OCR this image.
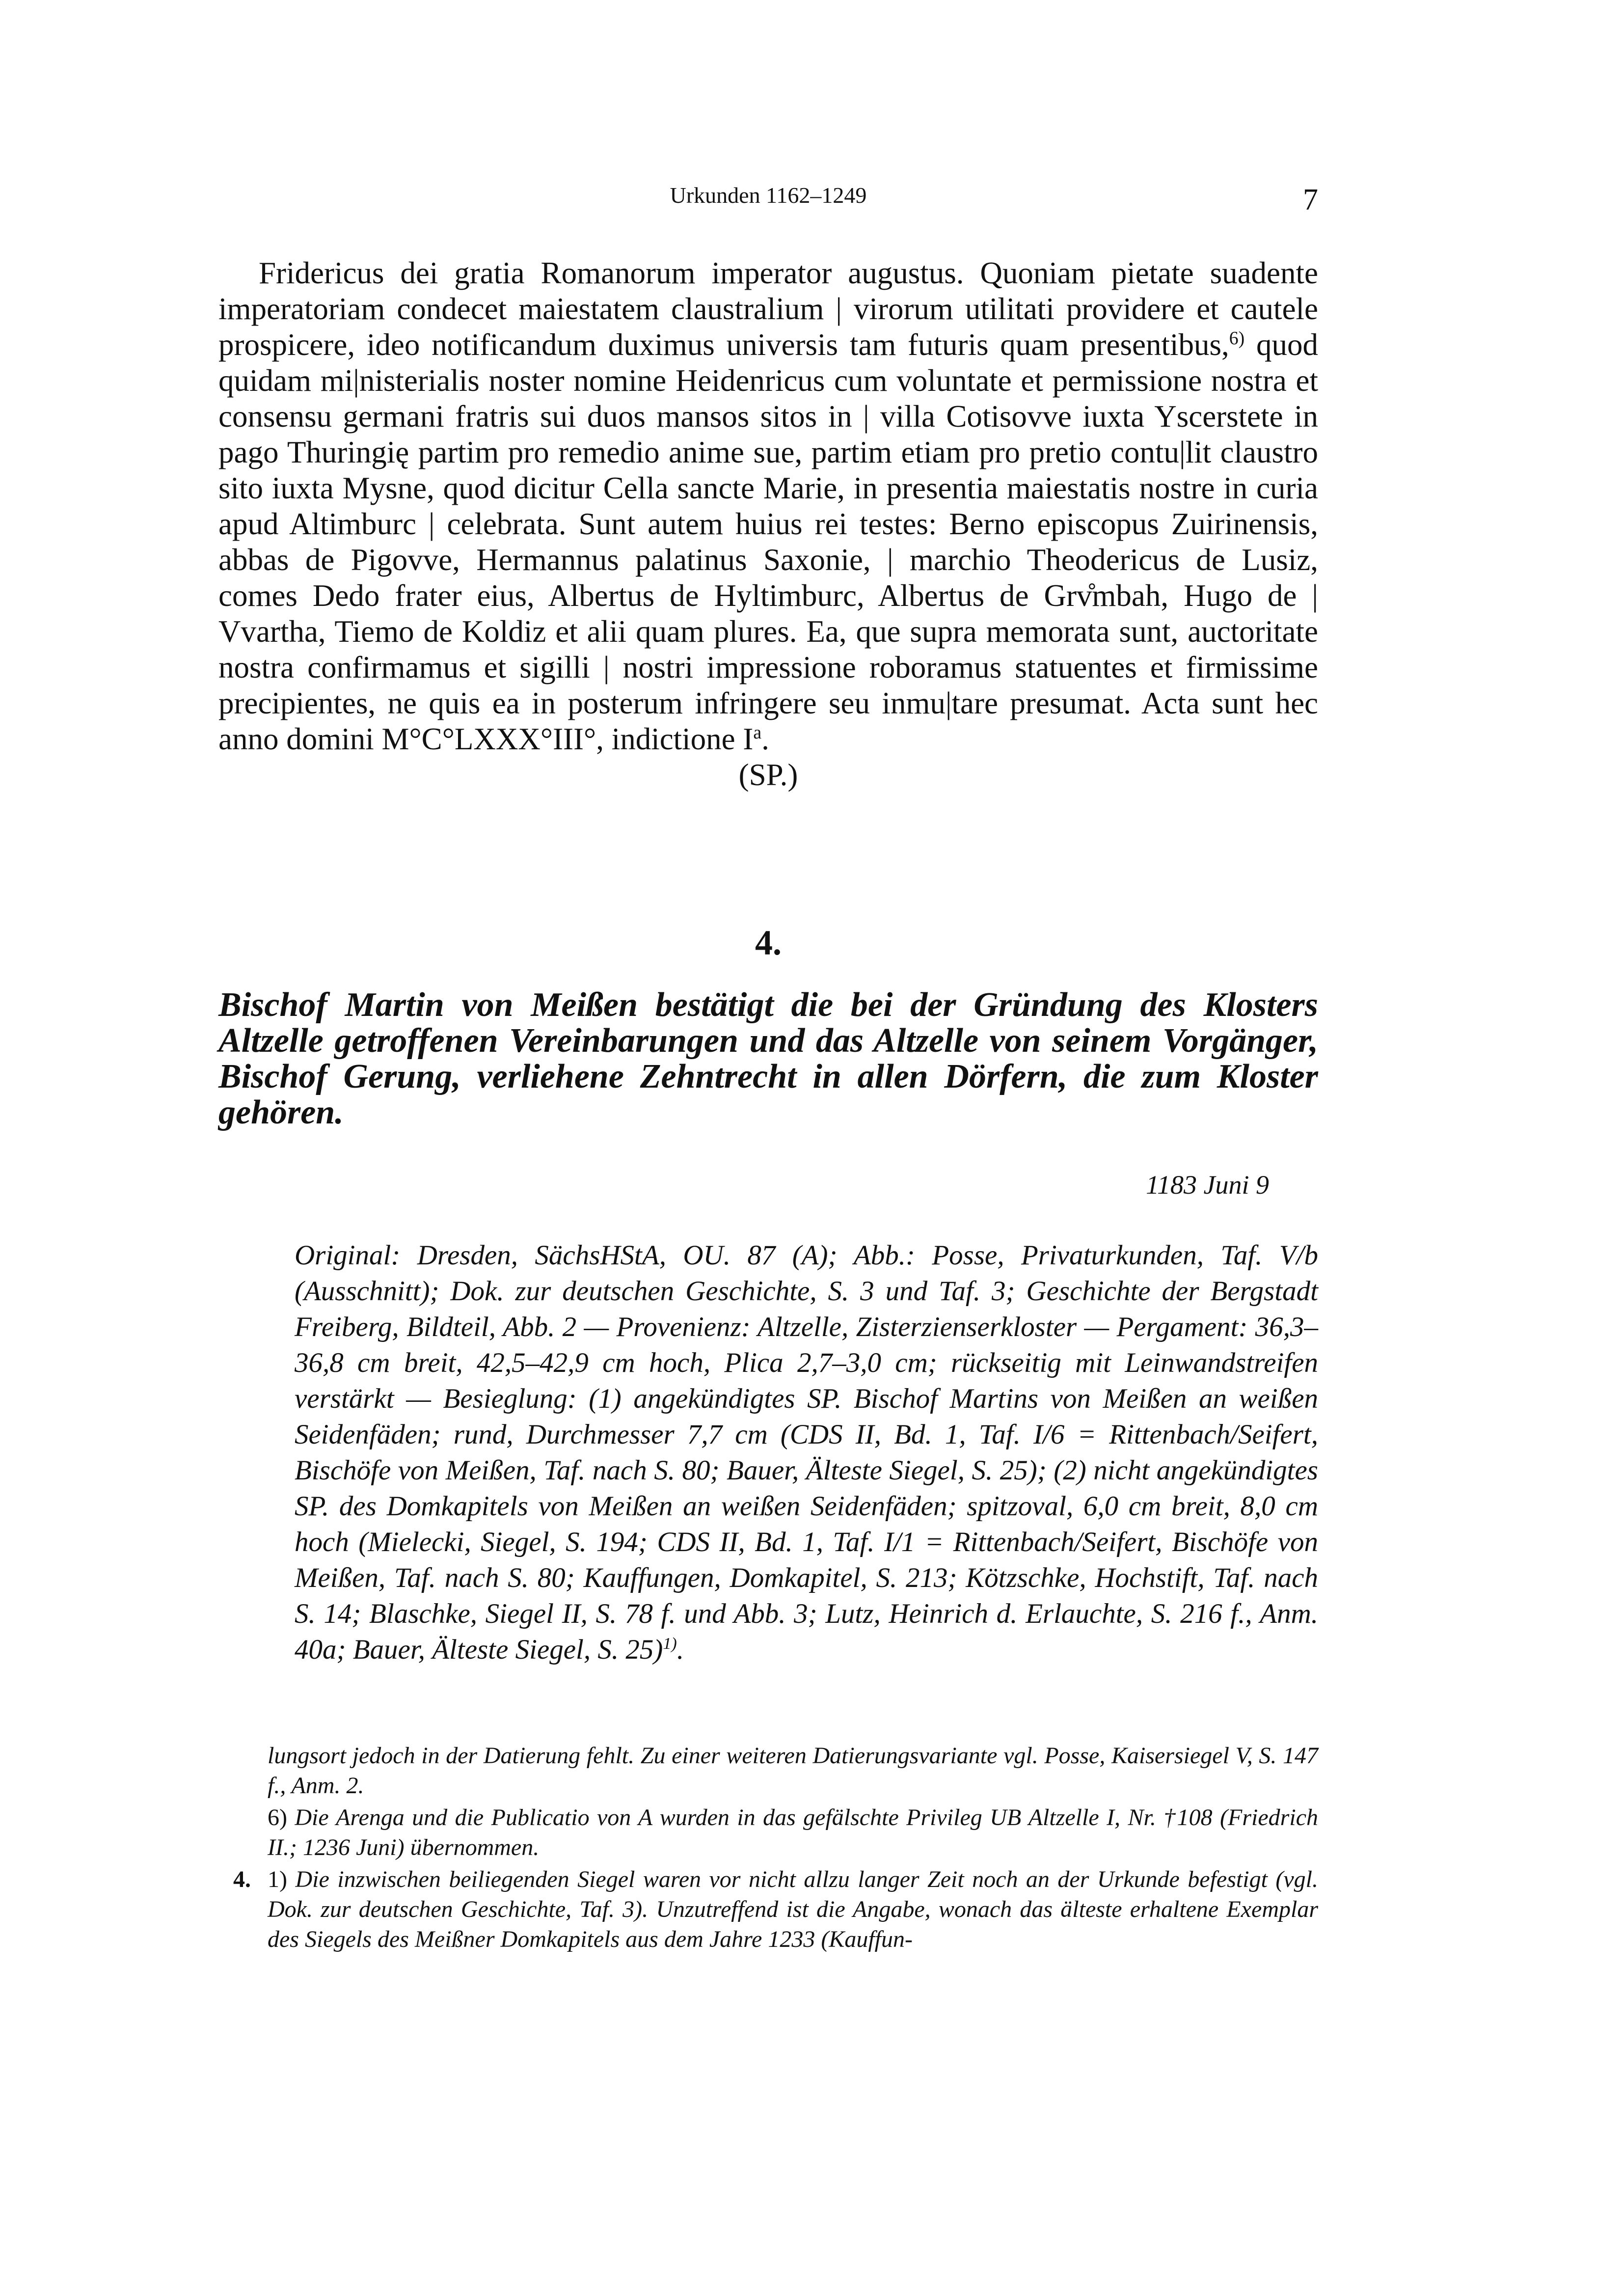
Urkunden 1162–1249	7

Fridericus dei gratia Romanorum imperator augustus. Quoniam pietate suadente imperatoriam condecet maiestatem claustralium | virorum utilitati providere et cautele prospicere, ideo notificandum duximus universis tam futuris quam presentibus,$^{6)}$ quod quidam mi|nisterialis noster nomine Heidenricus cum voluntate et permissione nostra et consensu germani fratris sui duos mansos sitos in | villa Cotisovve iuxta Yscerstete in pago Thuringię partim pro remedio anime sue, partim etiam pro pretio contu|lit claustro sito iuxta Mysne, quod dicitur Cella sancte Marie, in presentia maiestatis nostre in curia apud Altimburc | celebrata. Sunt autem huius rei testes: Berno episcopus Zuirinensis, abbas de Pigovve, Hermannus palatinus Saxonie, | marchio Theodericus de Lusiz, comes Dedo frater eius, Albertus de Hyltimburc, Albertus de Grv̊mbah, Hugo de | Vvartha, Tiemo de Koldiz et alii quam plures. Ea, que supra memorata sunt, auctoritate nostra confirmamus et sigilli | nostri impressione roboramus statuentes et firmissime precipientes, ne quis ea in posterum infringere seu inmu|tare presumat. Acta sunt hec anno domini M°C°LXXX°III°, indictione $I^a$.

(SP.)

4.

Bischof Martin von Meißen bestätigt die bei der Gründung des Klosters Altzelle getroffenen Vereinbarungen und das Altzelle von seinem Vorgänger, Bischof Gerung, verliehene Zehntrecht in allen Dörfern, die zum Kloster gehören.

1183 Juni 9

Original: Dresden, SächsHStA, OU. 87 (A); Abb.: Posse, Privaturkunden, Taf. V/b (Ausschnitt); Dok. zur deutschen Geschichte, S. 3 und Taf. 3; Geschichte der Bergstadt Freiberg, Bildteil, Abb. 2 — Provenienz: Altzelle, Zisterzienserkloster — Pergament: 36,3–36,8 cm breit, 42,5–42,9 cm hoch, Plica 2,7–3,0 cm; rückseitig mit Leinwandstreifen verstärkt — Besieglung: (1) angekündigtes SP. Bischof Martins von Meißen an weißen Seidenfäden; rund, Durchmesser 7,7 cm (CDS II, Bd. 1, Taf. I/6 = Rittenbach/Seifert, Bischöfe von Meißen, Taf. nach S. 80; Bauer, Älteste Siegel, S. 25); (2) nicht angekündigtes SP. des Domkapitels von Meißen an weißen Seidenfäden; spitzoval, 6,0 cm breit, 8,0 cm hoch (Mielecki, Siegel, S. 194; CDS II, Bd. 1, Taf. I/1 = Rittenbach/Seifert, Bischöfe von Meißen, Taf. nach S. 80; Kauffungen, Domkapitel, S. 213; Kötzschke, Hochstift, Taf. nach S. 14; Blaschke, Siegel II, S. 78 f. und Abb. 3; Lutz, Heinrich d. Erlauchte, S. 216 f., Anm. 40a; Bauer, Älteste Siegel, S. 25)$^{1)}$.

lungsort jedoch in der Datierung fehlt. Zu einer weiteren Datierungsvariante vgl. Posse, Kaisersiegel V, S. 147 f., Anm. 2.

6) Die Arenga und die Publicatio von A wurden in das gefälschte Privileg UB Altzelle I, Nr. †108 (Friedrich II.; 1236 Juni) übernommen.

4. 1) Die inzwischen beiliegenden Siegel waren vor nicht allzu langer Zeit noch an der Urkunde befestigt (vgl. Dok. zur deutschen Geschichte, Taf. 3). Unzutreffend ist die Angabe, wonach das älteste erhaltene Exemplar des Siegels des Meißner Domkapitels aus dem Jahre 1233 (Kauffun-
